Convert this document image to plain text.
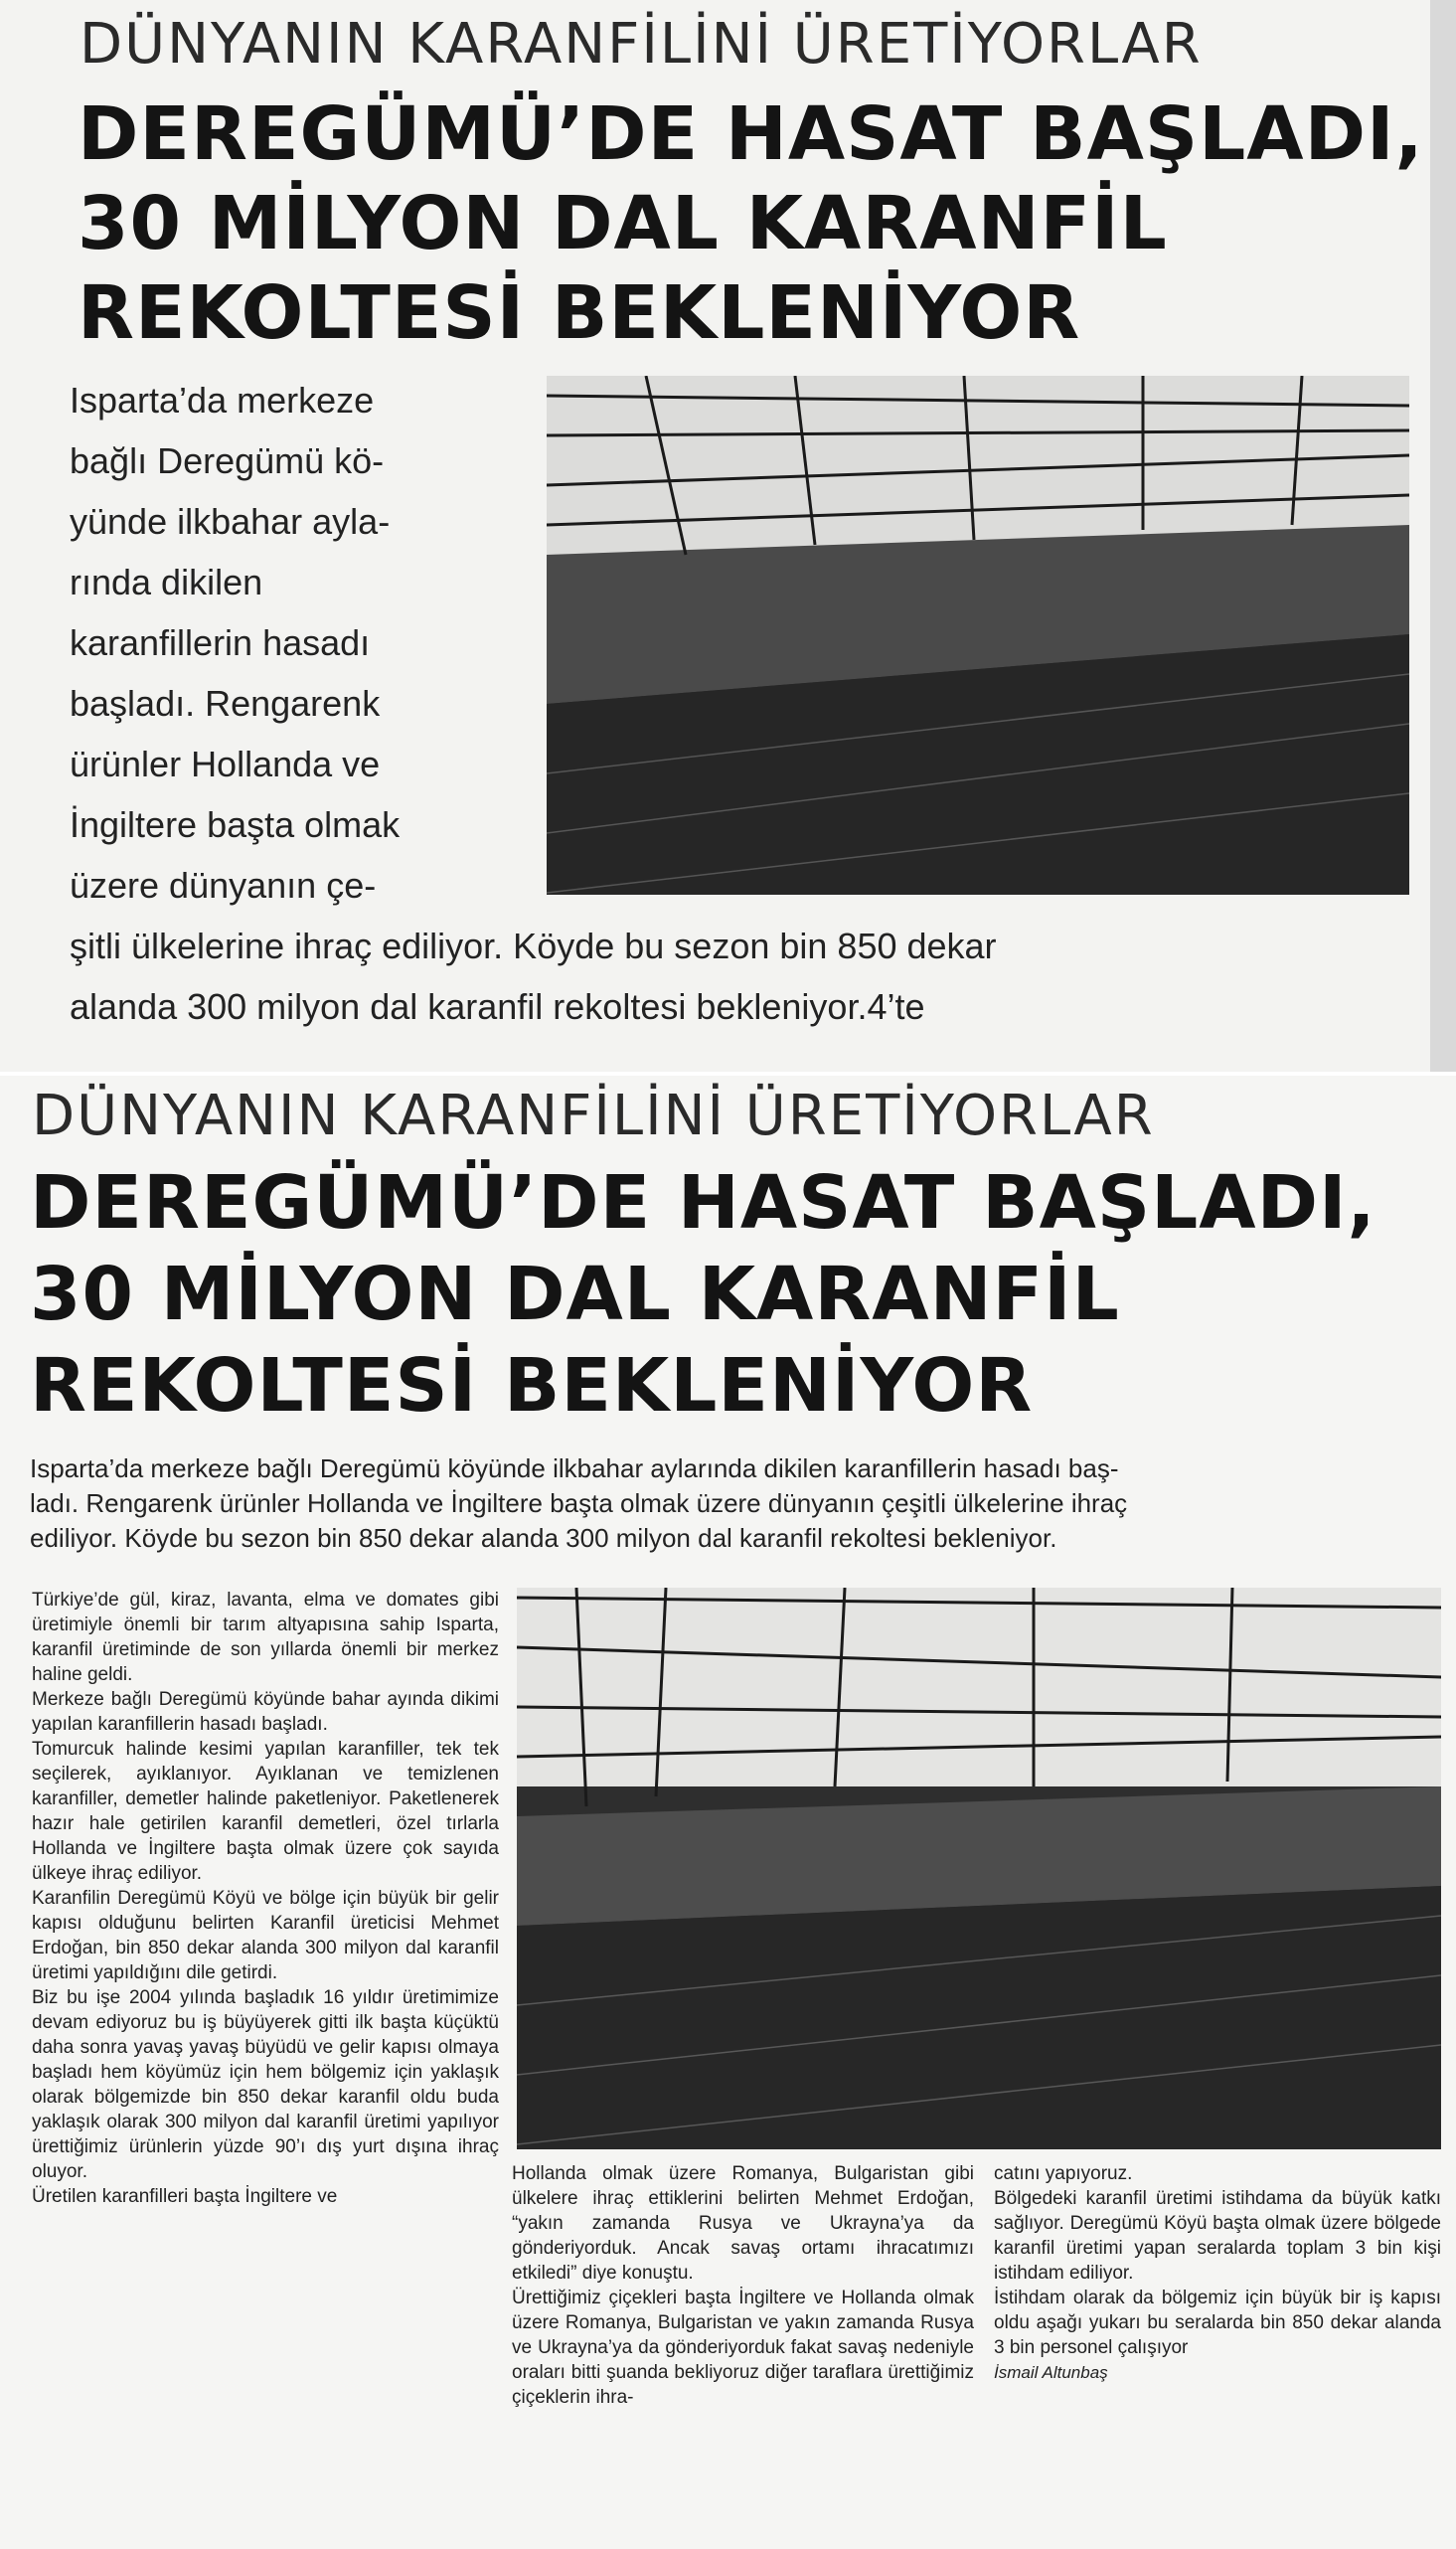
DÜNYANIN KARANFİLİNİ ÜRETİYORLAR
DEREGÜMÜ’DE HASAT BAŞLADI,
30 MİLYON DAL KARANFİL
REKOLTESİ BEKLENİYOR
Isparta’da merkeze
bağlı Deregümü kö-
yünde ilkbahar ayla-
rında dikilen
karanfillerin hasadı
başladı. Rengarenk
ürünler Hollanda ve
İngiltere başta olmak
üzere dünyanın çe-
şitli ülkelerine ihraç ediliyor. Köyde bu sezon bin 850 dekar
alanda 300 milyon dal karanfil rekoltesi bekleniyor.4’te
DÜNYANIN KARANFİLİNİ ÜRETİYORLAR
DEREGÜMÜ’DE HASAT BAŞLADI,
30 MİLYON DAL KARANFİL
REKOLTESİ BEKLENİYOR
Isparta’da merkeze bağlı Deregümü köyünde ilkbahar aylarında dikilen karanfillerin hasadı baş-
ladı. Rengarenk ürünler Hollanda ve İngiltere başta olmak üzere dünyanın çeşitli ülkelerine ihraç
ediliyor. Köyde bu sezon bin 850 dekar alanda 300 milyon dal karanfil rekoltesi bekleniyor.

Türkiye’de gül, kiraz, lavanta, elma ve domates gibi üretimiyle önemli bir tarım altyapısına sahip Isparta, karanfil üretiminde de son yıllarda önemli bir merkez haline geldi.

Merkeze bağlı Deregümü köyünde bahar ayında dikimi yapılan karanfillerin hasadı başladı.

Tomurcuk halinde kesimi yapılan karanfiller, tek tek seçilerek, ayıklanıyor. Ayıklanan ve temizlenen karanfiller, demetler halinde paketleniyor. Paketlenerek hazır hale getirilen karanfil demetleri, özel tırlarla Hollanda ve İngiltere başta olmak üzere çok sayıda ülkeye ihraç ediliyor.

Karanfilin Deregümü Köyü ve bölge için büyük bir gelir kapısı olduğunu belirten Karanfil üreticisi Mehmet Erdoğan, bin 850 dekar alanda 300 milyon dal karanfil üretimi yapıldığını dile getirdi.

Biz bu işe 2004 yılında başladık 16 yıldır üretimimize devam ediyoruz bu iş büyüyerek gitti ilk başta küçüktü daha sonra yavaş yavaş büyüdü ve gelir kapısı olmaya başladı hem köyümüz için hem bölgemiz için yaklaşık olarak bölgemizde bin 850 dekar karanfil oldu buda yaklaşık olarak 300 milyon dal karanfil üretimi yapılıyor ürettiğimiz ürünlerin yüzde 90’ı dış yurt dışına ihraç oluyor.

Üretilen karanfilleri başta İngiltere ve

Hollanda olmak üzere Romanya, Bulgaristan gibi ülkelere ihraç ettiklerini belirten Mehmet Erdoğan, “yakın zamanda Rusya ve Ukrayna’ya da gönderiyorduk. Ancak savaş ortamı ihracatımızı etkiledi” diye konuştu.

Ürettiğimiz çiçekleri başta İngiltere ve Hollanda olmak üzere Romanya, Bulgaristan ve yakın zamanda Rusya ve Ukrayna’ya da gönderiyorduk fakat savaş nedeniyle oraları bitti şuanda bekliyoruz diğer taraflara ürettiğimiz çiçeklerin ihra-

catını yapıyoruz.

Bölgedeki karanfil üretimi istihdama da büyük katkı sağlıyor. Deregümü Köyü başta olmak üzere bölgede karanfil üretimi yapan seralarda toplam 3 bin kişi istihdam ediliyor.

İstihdam olarak da bölgemiz için büyük bir iş kapısı oldu aşağı yukarı bu seralarda bin 850 dekar alanda 3 bin personel çalışıyor

İsmail Altunbaş
